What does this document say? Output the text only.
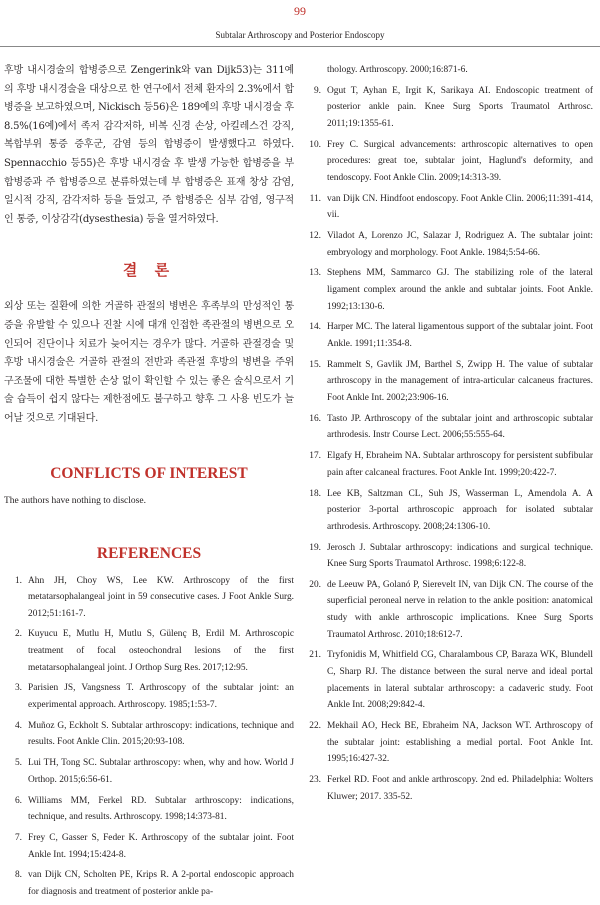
99
Subtalar Arthroscopy and Posterior Endoscopy

후방 내시경술의 합병증으로 Zengerink와 van Dijk53)는 311예의 후방 내시경술을 대상으로 한 연구에서 전체 환자의 2.3%에서 합병증을 보고하였으며, Nickisch 등56)은 189예의 후방 내시경술 후 8.5%(16예)에서 족저 감각저하, 비복 신경 손상, 아킬레스건 강직, 복합부위 통증 증후군, 감염 등의 합병증이 발생했다고 하였다. Spennacchio 등55)은 후방 내시경술 후 발생 가능한 합병증을 부 합병증과 주 합병증으로 분류하였는데 부 합병증은 표재 창상 감염, 일시적 강직, 감각저하 등을 들었고, 주 합병증은 심부 감염, 영구적인 통증, 이상감각(dysesthesia) 등을 열거하였다.

결 론

외상 또는 질환에 의한 거골하 관절의 병변은 후족부의 만성적인 통증을 유발할 수 있으나 진찰 시에 대개 인접한 족관절의 병변으로 오인되어 진단이나 치료가 늦어지는 경우가 많다. 거골하 관절경술 및 후방 내시경술은 거골하 관절의 전반과 족관절 후방의 병변을 주위 구조물에 대한 특별한 손상 없이 확인할 수 있는 좋은 술식으로서 기술 습득이 쉽지 않다는 제한점에도 불구하고 향후 그 사용 빈도가 늘어날 것으로 기대된다.

CONFLICTS OF INTEREST

The authors have nothing to disclose.

REFERENCES
1. Ahn JH, Choy WS, Lee KW. Arthroscopy of the first metatarsophalangeal joint in 59 consecutive cases. J Foot Ankle Surg. 2012;51:161-7.
2. Kuyucu E, Mutlu H, Mutlu S, Gülenç B, Erdil M. Arthroscopic treatment of focal osteochondral lesions of the first metatarsophalangeal joint. J Orthop Surg Res. 2017;12:95.
3. Parisien JS, Vangsness T. Arthroscopy of the subtalar joint: an experimental approach. Arthroscopy. 1985;1:53-7.
4. Muñoz G, Eckholt S. Subtalar arthroscopy: indications, technique and results. Foot Ankle Clin. 2015;20:93-108.
5. Lui TH, Tong SC. Subtalar arthroscopy: when, why and how. World J Orthop. 2015;6:56-61.
6. Williams MM, Ferkel RD. Subtalar arthroscopy: indications, technique, and results. Arthroscopy. 1998;14:373-81.
7. Frey C, Gasser S, Feder K. Arthroscopy of the subtalar joint. Foot Ankle Int. 1994;15:424-8.
8. van Dijk CN, Scholten PE, Krips R. A 2-portal endoscopic approach for diagnosis and treatment of posterior ankle pa-
thology. Arthroscopy. 2000;16:871-6.
9. Ogut T, Ayhan E, Irgit K, Sarikaya AI. Endoscopic treatment of posterior ankle pain. Knee Surg Sports Traumatol Arthrosc. 2011;19:1355-61.
10. Frey C. Surgical advancements: arthroscopic alternatives to open procedures: great toe, subtalar joint, Haglund's deformity, and tendoscopy. Foot Ankle Clin. 2009;14:313-39.
11. van Dijk CN. Hindfoot endoscopy. Foot Ankle Clin. 2006;11:391-414, vii.
12. Viladot A, Lorenzo JC, Salazar J, Rodriguez A. The subtalar joint: embryology and morphology. Foot Ankle. 1984;5:54-66.
13. Stephens MM, Sammarco GJ. The stabilizing role of the lateral ligament complex around the ankle and subtalar joints. Foot Ankle. 1992;13:130-6.
14. Harper MC. The lateral ligamentous support of the subtalar joint. Foot Ankle. 1991;11:354-8.
15. Rammelt S, Gavlik JM, Barthel S, Zwipp H. The value of subtalar arthroscopy in the management of intra-articular calcaneus fractures. Foot Ankle Int. 2002;23:906-16.
16. Tasto JP. Arthroscopy of the subtalar joint and arthroscopic subtalar arthrodesis. Instr Course Lect. 2006;55:555-64.
17. Elgafy H, Ebraheim NA. Subtalar arthroscopy for persistent subfibular pain after calcaneal fractures. Foot Ankle Int. 1999;20:422-7.
18. Lee KB, Saltzman CL, Suh JS, Wasserman L, Amendola A. A posterior 3-portal arthroscopic approach for isolated subtalar arthrodesis. Arthroscopy. 2008;24:1306-10.
19. Jerosch J. Subtalar arthroscopy: indications and surgical technique. Knee Surg Sports Traumatol Arthrosc. 1998;6:122-8.
20. de Leeuw PA, Golanó P, Sierevelt IN, van Dijk CN. The course of the superficial peroneal nerve in relation to the ankle position: anatomical study with ankle arthroscopic implications. Knee Surg Sports Traumatol Arthrosc. 2010;18:612-7.
21. Tryfonidis M, Whitfield CG, Charalambous CP, Baraza WK, Blundell C, Sharp RJ. The distance between the sural nerve and ideal portal placements in lateral subtalar arthroscopy: a cadaveric study. Foot Ankle Int. 2008;29:842-4.
22. Mekhail AO, Heck BE, Ebraheim NA, Jackson WT. Arthroscopy of the subtalar joint: establishing a medial portal. Foot Ankle Int. 1995;16:427-32.
23. Ferkel RD. Foot and ankle arthroscopy. 2nd ed. Philadelphia: Wolters Kluwer; 2017. 335-52.
